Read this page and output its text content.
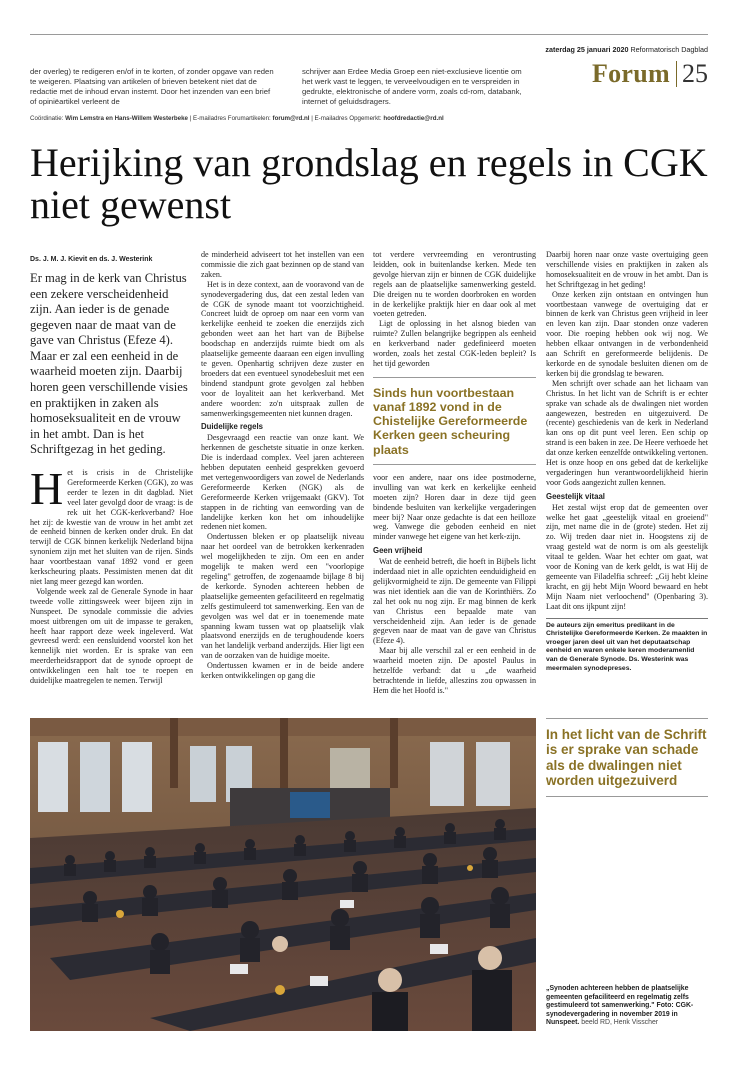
zaterdag 25 januari 2020 Reformatorisch Dagblad
Forum 25
der overleg) te redigeren en/of in te korten, of zonder opgave van reden te weigeren. Plaatsing van artikelen of brieven betekent niet dat de redactie met de inhoud ervan instemt. Door het inzenden van een brief of opiniëartikel verleent de
schrijver aan Erdee Media Groep een niet-exclusieve licentie om het werk vast te leggen, te verveelvoudigen en te verspreiden in gedrukte, elektronische of andere vorm, zoals cd-rom, databank, internet of geluidsdragers.
Coördinatie: Wim Lemstra en Hans-Willem Westerbeke | E-mailadres Forumartikelen: forum@rd.nl | E-mailadres Opgemerkt: hoofdredactie@rd.nl
Herijking van grondslag en regels in CGK niet gewenst
Ds. J. M. J. Kievit en ds. J. Westerink
Er mag in de kerk van Christus een zekere verscheidenheid zijn. Aan ieder is de genade gegeven naar de maat van de gave van Christus (Efeze 4). Maar er zal een eenheid in de waarheid moeten zijn. Daarbij horen geen verschillende visies en praktijken in zaken als homoseksualiteit en de vrouw in het ambt. Dan is het Schriftgezag in het geding.

Het is crisis in de Christelijke Gereformeerde Kerken (CGK), zo was eerder te lezen in dit dagblad. Niet veel later gevolgd door de vraag: is de rek uit het CGK-kerkverband? Hoe het zij: de kwestie van de vrouw in het ambt zet de eenheid binnen de kerken onder druk. En dat terwijl de CGK binnen kerkelijk Nederland bijna synoniem zijn met het sluiten van de rijen. Sinds haar voortbestaan vanaf 1892 vond er geen kerkscheuring plaats. Pessimisten menen dat dit niet lang meer gezegd kan worden.

Volgende week zal de Generale Synode in haar tweede volle zittingsweek weer bijeen zijn in Nunspeet. De synodale commissie die advies moest uitbrengen om uit de impasse te geraken, heeft haar rapport deze week ingeleverd. Wat gevreesd werd: een eensluidend voorstel kon het kennelijk niet worden. Er is sprake van een meerderheidsrapport dat de synode oproept de ontwikkelingen een halt toe te roepen en duidelijke maatregelen te nemen. Terwijl

de minderheid adviseert tot het instellen van een commissie die zich gaat bezinnen op de stand van zaken.

Het is in deze context, aan de vooravond van de synodevergadering dus, dat een zestal leden van de CGK de synode maant tot voorzichtigheid. Concreet luidt de oproep om naar een vorm van kerkelijke eenheid te zoeken die enerzijds zich gebonden weet aan het hart van de Bijbelse boodschap en anderzijds ruimte biedt om als plaatselijke gemeente daaraan een eigen invulling te geven. Openhartig schrijven deze zuster en broeders dat een eventueel synodebesluit met een bindend standpunt grote gevolgen zal hebben voor de loyaliteit aan het kerkverband. Met andere woorden: zo'n uitspraak zullen de samenwerkingsgemeenten niet kunnen dragen.

Duidelijke regels

Desgevraagd een reactie van onze kant. We herkennen de geschetste situatie in onze kerken. Die is inderdaad complex. Veel jaren achtereen hebben deputaten eenheid gesprekken gevoerd met vertegenwoordigers van zowel de Nederlands Gereformeerde Kerken (NGK) als de Gereformeerde Kerken vrijgemaakt (GKV). Tot stappen in de richting van eenwording van de landelijke kerken kon het om inhoudelijke redenen niet komen.

Ondertussen bleken er op plaatselijk niveau naar het oordeel van de betrokken kerkenraden wel mogelijkheden te zijn. Om een en ander mogelijk te maken werd een "voorlopige regeling" getroffen, de zogenaamde bijlage 8 bij de kerkorde. Synoden achtereen hebben de plaatselijke gemeenten gefaciliteerd en regelmatig zelfs gestimuleerd tot samenwerking. Een van de gevolgen was wel dat er in toenemende mate spanning kwam tussen wat op plaatselijk vlak plaatsvond enerzijds en de terughoudende koers van het landelijk verband anderzijds. Hier ligt een van de oorzaken van de huidige moeite.

Ondertussen kwamen er in de beide andere kerken ontwikkelingen op gang die

tot verdere vervreemding en verontrusting leidden, ook in buitenlandse kerken. Mede ten gevolge hiervan zijn er binnen de CGK duidelijke regels aan de plaatselijke samenwerking gesteld. Die dreigen nu te worden doorbroken en worden in de kerkelijke praktijk hier en daar ook al met voeten getreden.

Ligt de oplossing in het alsnog bieden van ruimte? Zullen belangrijke begrippen als eenheid en kerkverband nader gedefinieerd moeten worden, zoals het zestal CGK-leden bepleit? Is het tijd geworden

Sinds hun voortbestaan vanaf 1892 vond in de Chistelijke Gereformeerde Kerken geen scheuring plaats

voor een andere, naar ons idee postmoderne, invulling van wat kerk en kerkelijke eenheid moeten zijn? Horen daar in deze tijd geen bindende besluiten van kerkelijke vergaderingen meer bij? Naar onze gedachte is dat een heilloze weg. Vanwege die geboden eenheid en niet minder vanwege het eigene van het kerk-zijn.

Geen vrijheid

Wat de eenheid betreft, die hoeft in Bijbels licht inderdaad niet in alle opzichten eenduidigheid en gelijkvormigheid te zijn. De gemeente van Filippi was niet identiek aan die van de Korinthiërs. Zo zal het ook nu nog zijn. Er mag binnen de kerk van Christus een bepaalde mate van verscheidenheid zijn. Aan ieder is de genade gegeven naar de maat van de gave van Christus (Efeze 4).

Maar bij alle verschil zal er een eenheid in de waarheid moeten zijn. De apostel Paulus in hetzelfde verband: dat u „de waarheid betrachtende in liefde, alleszins zou opwassen in Hem die het Hoofd is."

Daarbij horen naar onze vaste overtuiging geen verschillende visies en praktijken in zaken als homoseksualiteit en de vrouw in het ambt. Dan is het Schriftgezag in het geding!

Onze kerken zijn ontstaan en ontvingen hun voortbestaan vanwege de overtuiging dat er binnen de kerk van Christus geen vrijheid in leer en leven kan zijn. Daar stonden onze vaderen voor. Die roeping hebben ook wij nog. We hebben elkaar ontvangen in de verbondenheid aan Schrift en gereformeerde belijdenis. De kerkorde en de synodale besluiten dienen om de kerken bij die grondslag te bewaren.

Men schrijft over schade aan het lichaam van Christus. In het licht van de Schrift is er echter sprake van schade als de dwalingen niet worden aangewezen, bestreden en uitgezuiverd. De (recente) geschiedenis van de kerk in Nederland kan ons op dit punt veel leren. Een schip op strand is een baken in zee. De Heere verhoede het dat onze kerken eenzelfde ontwikkeling vertonen. Het is onze hoop en ons gebed dat de kerkelijke vergaderingen hun verantwoordelijkheid hierin voor Gods aangezicht zullen kennen.

Geestelijk vitaal

Het zestal wijst erop dat de gemeenten over welke het gaat „geestelijk vitaal en groeiend" zijn, met name die in de (grote) steden. Het zij zo. Wij treden daar niet in. Hoogstens zij de vraag gesteld wat de norm is om als geestelijk vitaal te gelden. Waar het echter om gaat, wat voor de Koning van de kerk geldt, is wat Hij de gemeente van Filadelfia schreef: „Gij hebt kleine kracht, en gij hebt Mijn Woord bewaard en hebt Mijn Naam niet verloochend" (Openbaring 3). Laat dit ons ijkpunt zijn!

De auteurs zijn emeritus predikant in de Christelijke Gereformeerde Kerken. Ze maakten in vroeger jaren deel uit van het deputaatschap eenheid en waren enkele keren moderamenlid van de Generale Synode. Ds. Westerink was meermalen synodepreses.
In het licht van de Schrift is er sprake van schade als de dwalingen niet worden uitgezuiverd
„Synoden achtereen hebben de plaatselijke gemeenten gefaciliteerd en regelmatig zelfs gestimuleerd tot samenwerking." Foto: CGK-synodevergadering in november 2019 in Nunspeet. beeld RD, Henk Visscher
